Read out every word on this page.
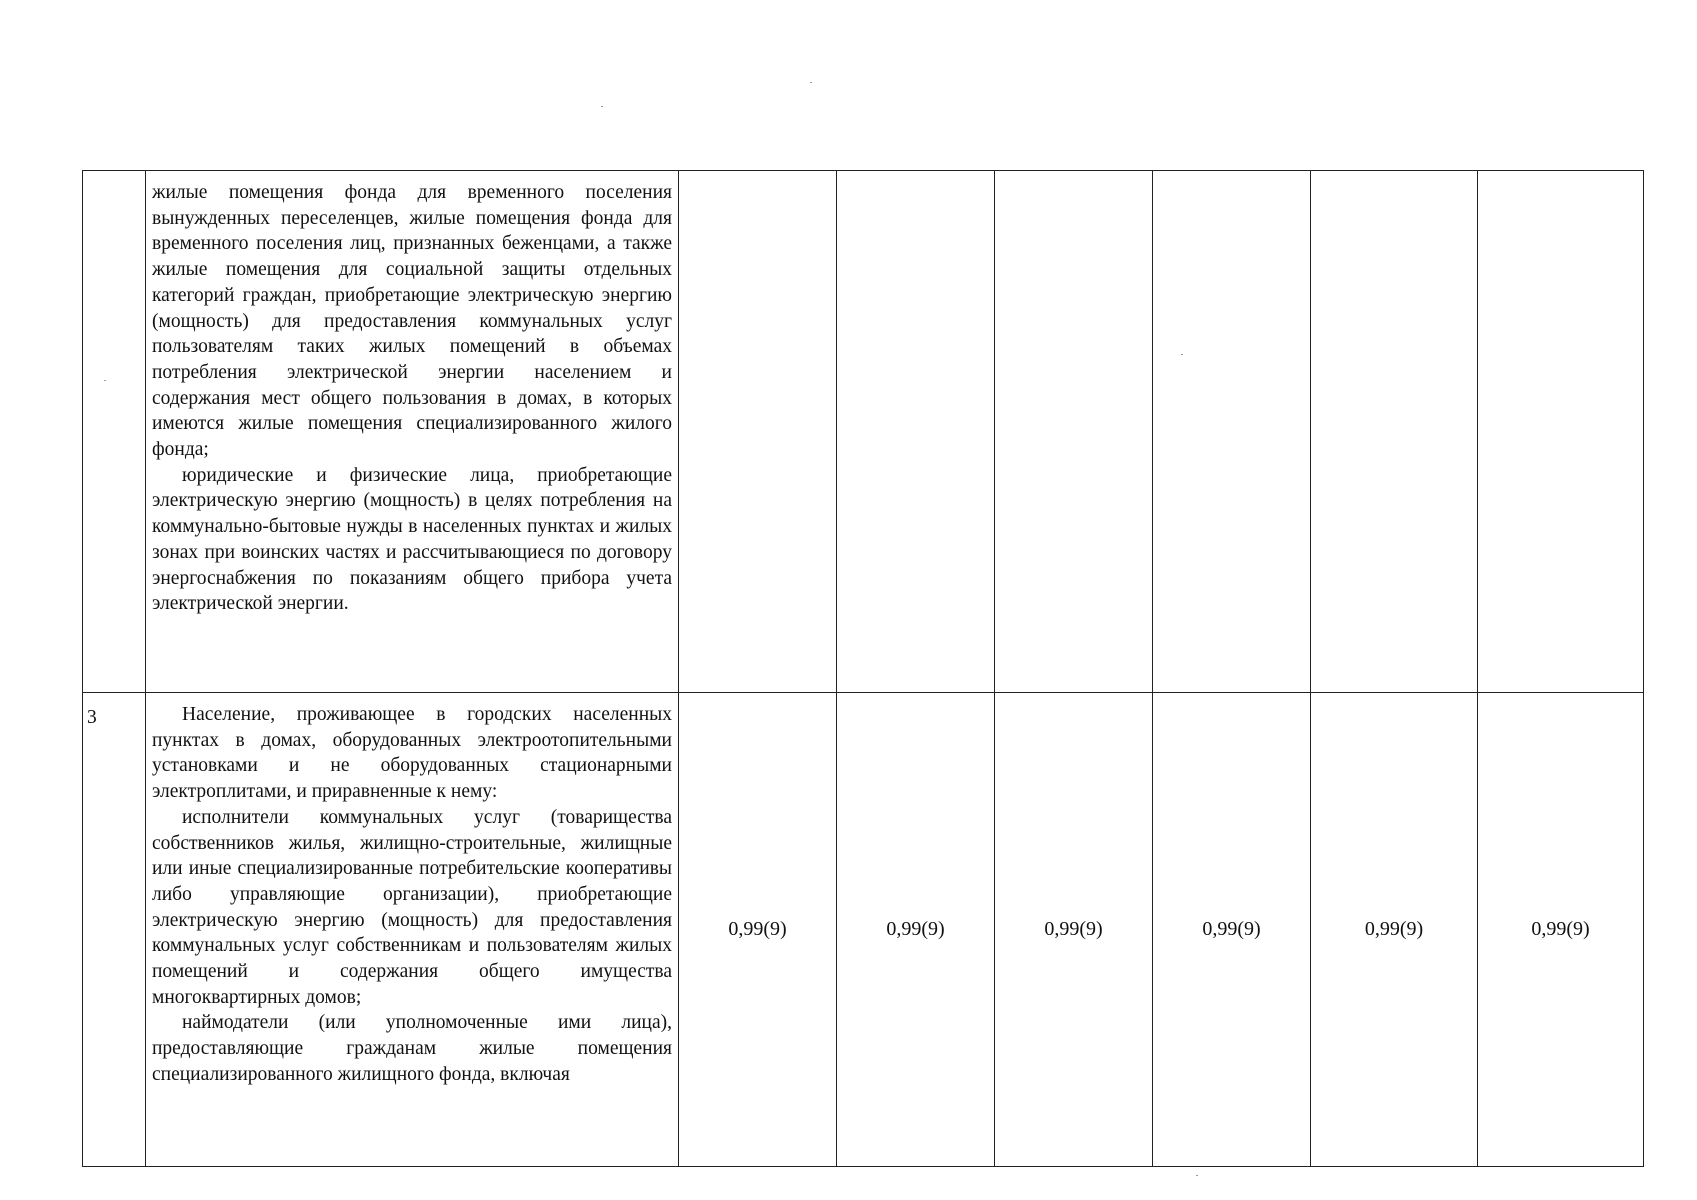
	жилые помещения фонда для временного поселения вынужденных переселенцев, жилые помещения фонда для временного поселения лиц, признанных беженцами, а также жилые помещения для социальной защиты отдельных категорий граждан, приобретающие электрическую энергию (мощность) для предоставления коммунальных услуг пользователям таких жилых помещений в объемах потребления электрической энергии населением и содержания мест общего пользования в домах, в которых имеются жилые помещения специализированного жилого фонда;

юридические и физические лица, приобретающие электрическую энергию (мощность) в целях потребления на коммунально-бытовые нужды в населенных пунктах и жилых зонах при воинских частях и рассчитывающиеся по договору энергоснабжения по показаниям общего прибора учета электрической энергии.						

3	Население, проживающее в городских населенных пунктах в домах, оборудованных электроотопительными установками и не оборудованных стационарными электроплитами, и приравненные к нему:

исполнители коммунальных услуг (товарищества собственников жилья, жилищно-строительные, жилищные или иные специализированные потребительские кооперативы либо управляющие организации), приобретающие электрическую энергию (мощность) для предоставления коммунальных услуг собственникам и пользователям жилых помещений и содержания общего имущества многоквартирных домов;

наймодатели (или уполномоченные ими лица), предоставляющие гражданам жилые помещения специализированного жилищного фонда, включая	0,99(9)	0,99(9)	0,99(9)	0,99(9)	0,99(9)	0,99(9)
